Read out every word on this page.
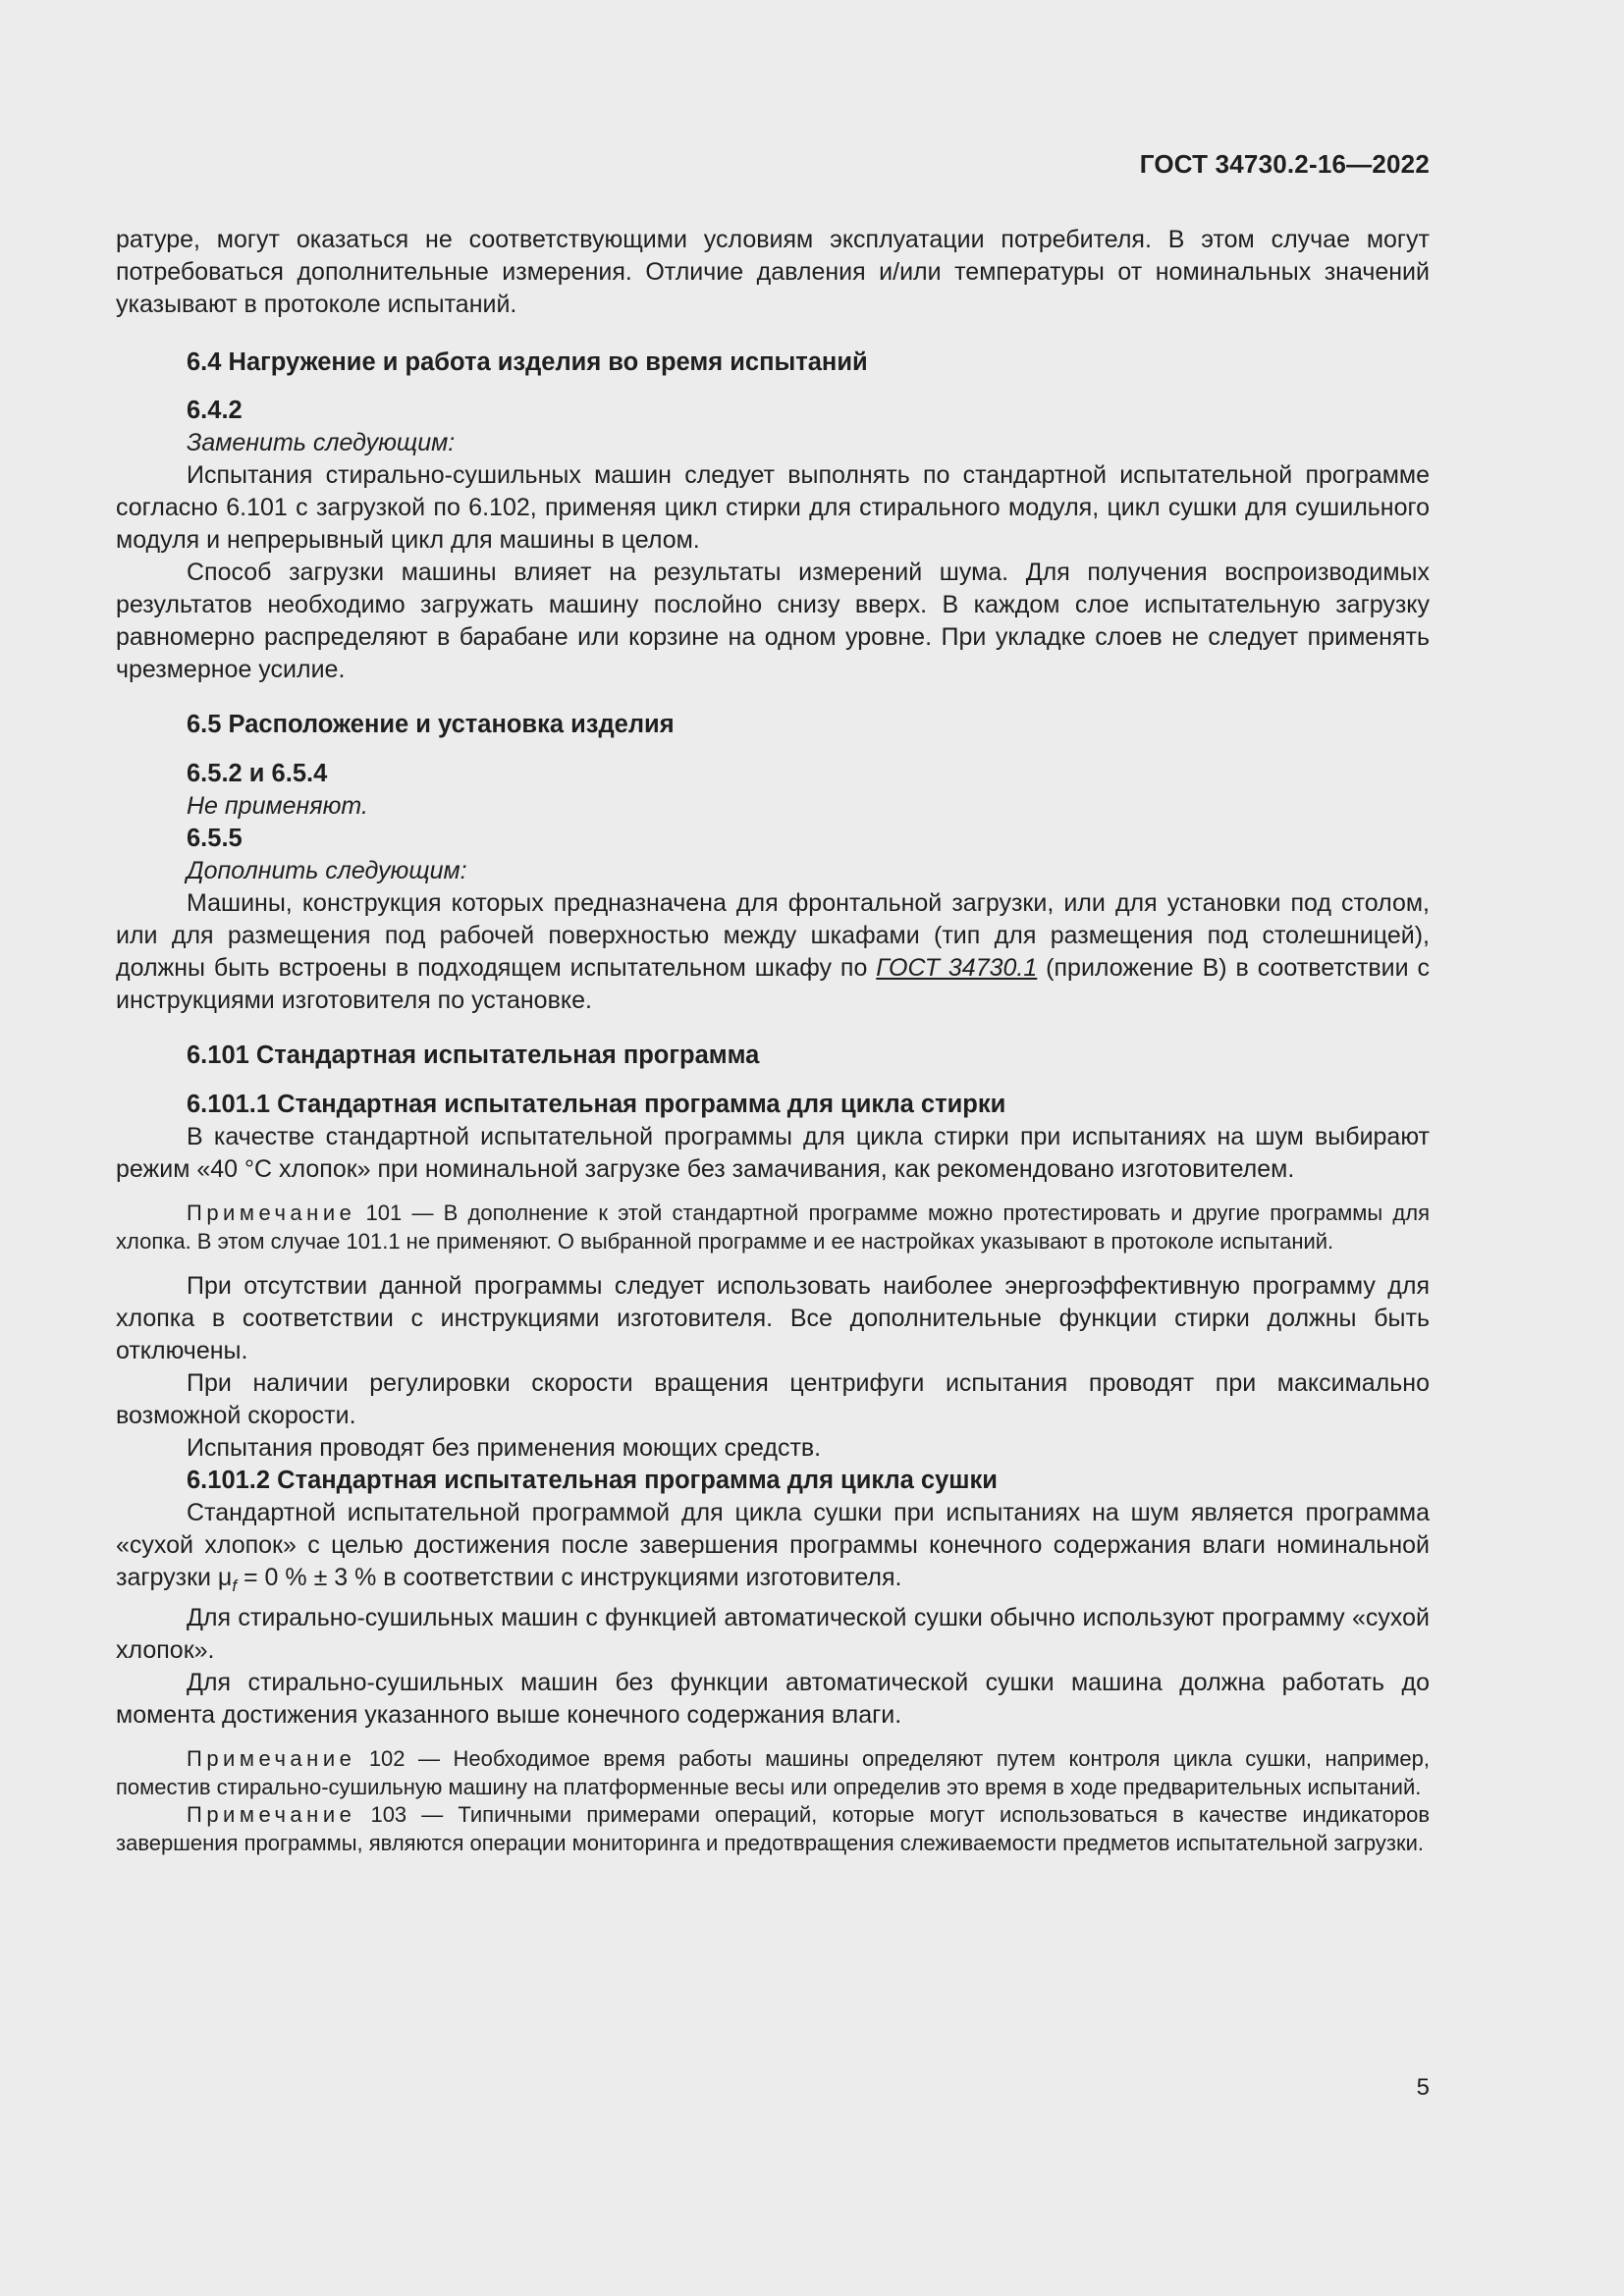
ГОСТ 34730.2-16—2022

ратуре, могут оказаться не соответствующими условиям эксплуатации потребителя. В этом случае могут потребоваться дополнительные измерения. Отличие давления и/или температуры от номинальных значений указывают в протоколе испытаний.

6.4 Нагружение и работа изделия во время испытаний

6.4.2

Заменить следующим:

Испытания стирально-сушильных машин следует выполнять по стандартной испытательной программе согласно 6.101 с загрузкой по 6.102, применяя цикл стирки для стирального модуля, цикл сушки для сушильного модуля и непрерывный цикл для машины в целом.

Способ загрузки машины влияет на результаты измерений шума. Для получения воспроизводимых результатов необходимо загружать машину послойно снизу вверх. В каждом слое испытательную загрузку равномерно распределяют в барабане или корзине на одном уровне. При укладке слоев не следует применять чрезмерное усилие.

6.5 Расположение и установка изделия

6.5.2 и 6.5.4

Не применяют.

6.5.5

Дополнить следующим:

Машины, конструкция которых предназначена для фронтальной загрузки, или для установки под столом, или для размещения под рабочей поверхностью между шкафами (тип для размещения под столешницей), должны быть встроены в подходящем испытательном шкафу по ГОСТ 34730.1 (приложение В) в соответствии с инструкциями изготовителя по установке.

6.101 Стандартная испытательная программа

6.101.1 Стандартная испытательная программа для цикла стирки

В качестве стандартной испытательной программы для цикла стирки при испытаниях на шум выбирают режим «40 °С хлопок» при номинальной загрузке без замачивания, как рекомендовано изготовителем.

Примечание 101 — В дополнение к этой стандартной программе можно протестировать и другие программы для хлопка. В этом случае 101.1 не применяют. О выбранной программе и ее настройках указывают в протоколе испытаний.

При отсутствии данной программы следует использовать наиболее энергоэффективную программу для хлопка в соответствии с инструкциями изготовителя. Все дополнительные функции стирки должны быть отключены.

При наличии регулировки скорости вращения центрифуги испытания проводят при максимально возможной скорости.

Испытания проводят без применения моющих средств.

6.101.2 Стандартная испытательная программа для цикла сушки

Стандартной испытательной программой для цикла сушки при испытаниях на шум является программа «сухой хлопок» с целью достижения после завершения программы конечного содержания влаги номинальной загрузки $\mu_f = 0$ % ± 3 % в соответствии с инструкциями изготовителя.

Для стирально-сушильных машин с функцией автоматической сушки обычно используют программу «сухой хлопок».

Для стирально-сушильных машин без функции автоматической сушки машина должна работать до момента достижения указанного выше конечного содержания влаги.

Примечание 102 — Необходимое время работы машины определяют путем контроля цикла сушки, например, поместив стирально-сушильную машину на платформенные весы или определив это время в ходе предварительных испытаний.

Примечание 103 — Типичными примерами операций, которые могут использоваться в качестве индикаторов завершения программы, являются операции мониторинга и предотвращения слеживаемости предметов испытательной загрузки.

5
